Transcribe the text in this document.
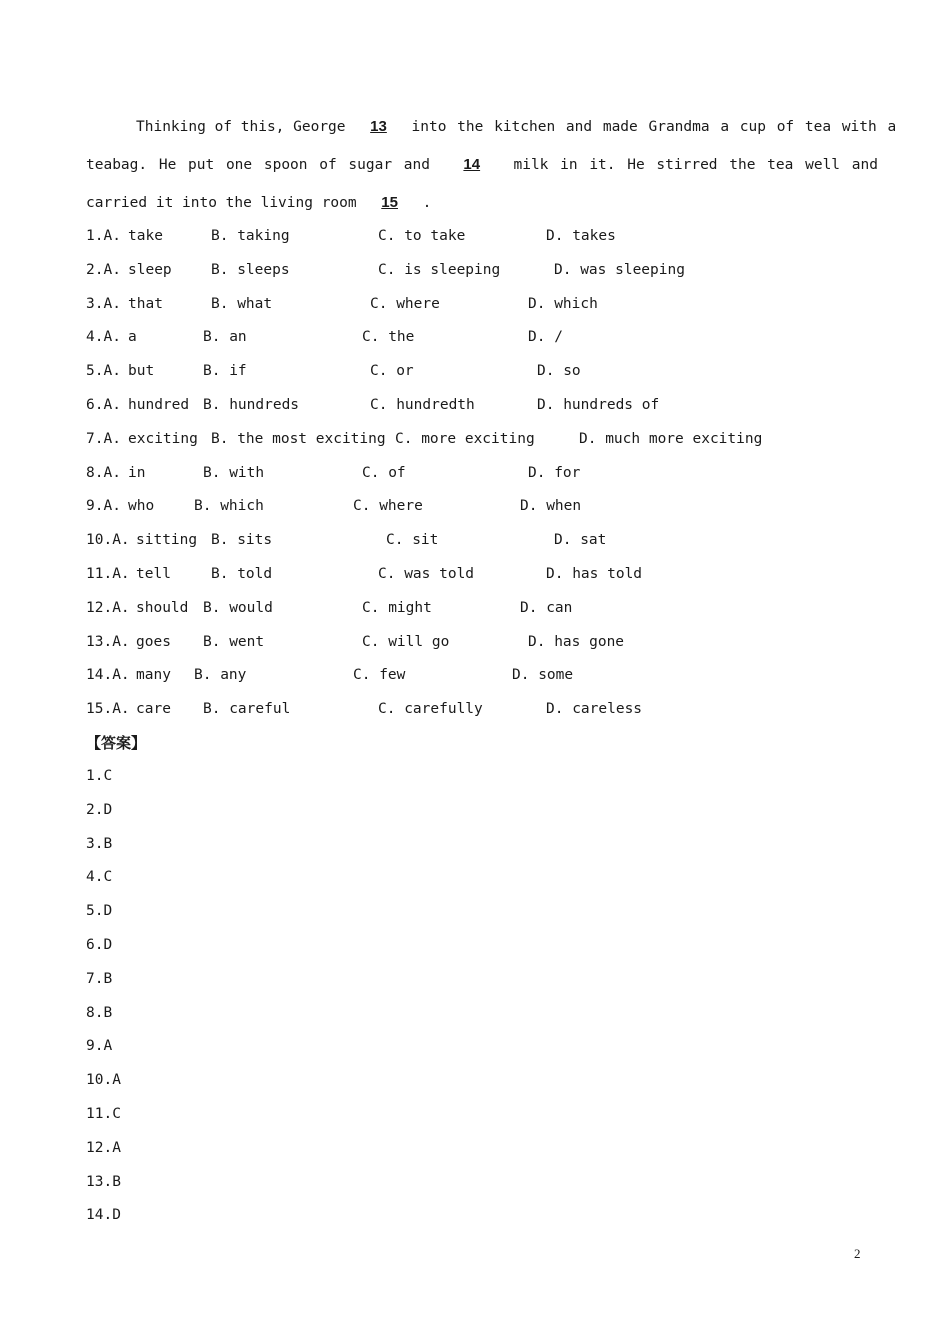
Thinking of this, George 13 into the kitchen and made Grandma a cup of tea with a
teabag. He put one spoon of sugar and 14 milk in it. He stirred the tea well and
carried it into the living room 15 .
1.A. take	B. taking	C. to take	D. takes
2.A. sleep	B. sleeps	C. is sleeping	D. was sleeping
3.A. that	B. what	C. where	D. which
4.A. a	B. an	C. the	D. /
5.A. but	B. if	C. or	D. so
6.A. hundred B. hundreds	C. hundredth	D. hundreds of
7.A. exciting B. the most exciting C. more exciting	D. much more exciting
8.A. in	B. with	C. of	D. for
9.A. who	B. which	C. where	D. when
10.A. sitting B. sits	C. sit	D. sat
11.A. tell	B. told	C. was told	D. has told
12.A. should B. would	C. might	D. can
13.A. goes B. went	C. will go	D. has gone
14.A. many B. any	C. few	D. some
15.A. care B. careful	C. carefully	D. careless
【答案】
1.C
2.D
3.B
4.C
5.D
6.D
7.B
8.B
9.A
10.A
11.C
12.A
13.B
14.D
2
